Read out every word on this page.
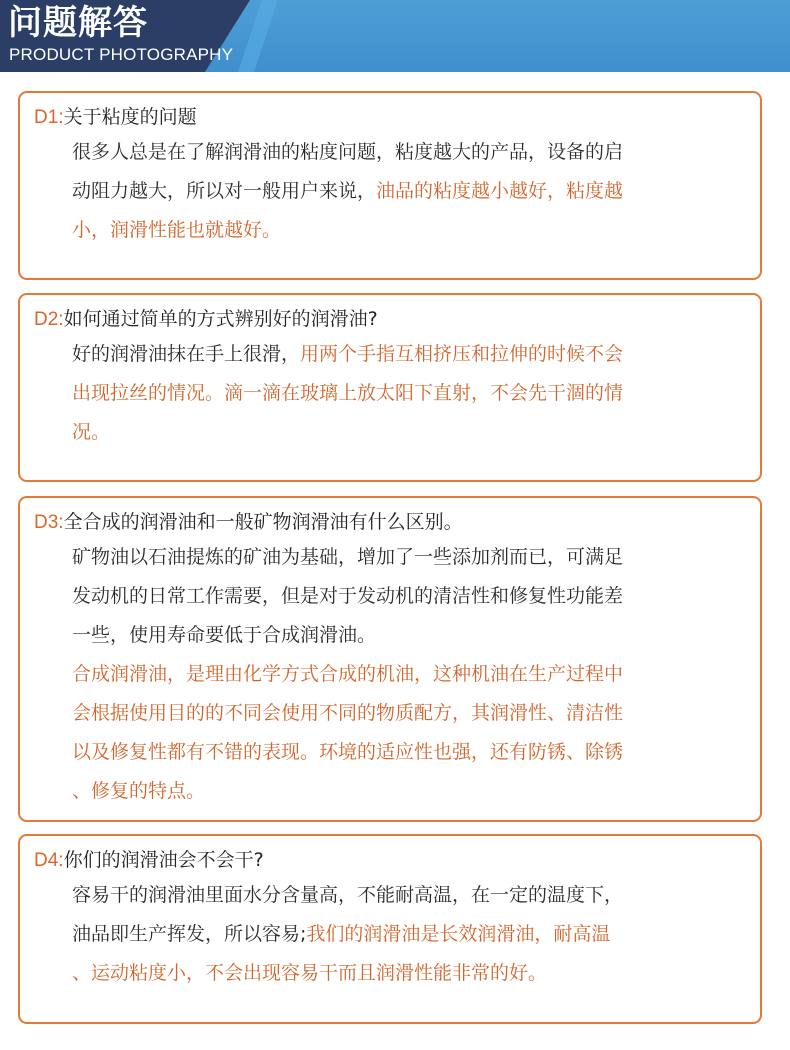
问题解答
PRODUCT PHOTOGRAPHY
D1:关于粘度的问题
很多人总是在了解润滑油的粘度问题，粘度越大的产品，设备的启
动阻力越大，所以对一般用户来说，油品的粘度越小越好，粘度越
小，润滑性能也就越好。
D2:如何通过简单的方式辨别好的润滑油?
好的润滑油抹在手上很滑，用两个手指互相挤压和拉伸的时候不会
出现拉丝的情况。滴一滴在玻璃上放太阳下直射，不会先干涸的情
况。
D3:全合成的润滑油和一般矿物润滑油有什么区别。
矿物油以石油提炼的矿油为基础，增加了一些添加剂而已，可满足
发动机的日常工作需要，但是对于发动机的清洁性和修复性功能差
一些，使用寿命要低于合成润滑油。
合成润滑油，是理由化学方式合成的机油，这种机油在生产过程中
会根据使用目的的不同会使用不同的物质配方，其润滑性、清洁性
以及修复性都有不错的表现。环境的适应性也强，还有防锈、除锈
、修复的特点。
D4:你们的润滑油会不会干?
容易干的润滑油里面水分含量高，不能耐高温，在一定的温度下，
油品即生产挥发，所以容易;我们的润滑油是长效润滑油，耐高温
、运动粘度小，不会出现容易干而且润滑性能非常的好。
